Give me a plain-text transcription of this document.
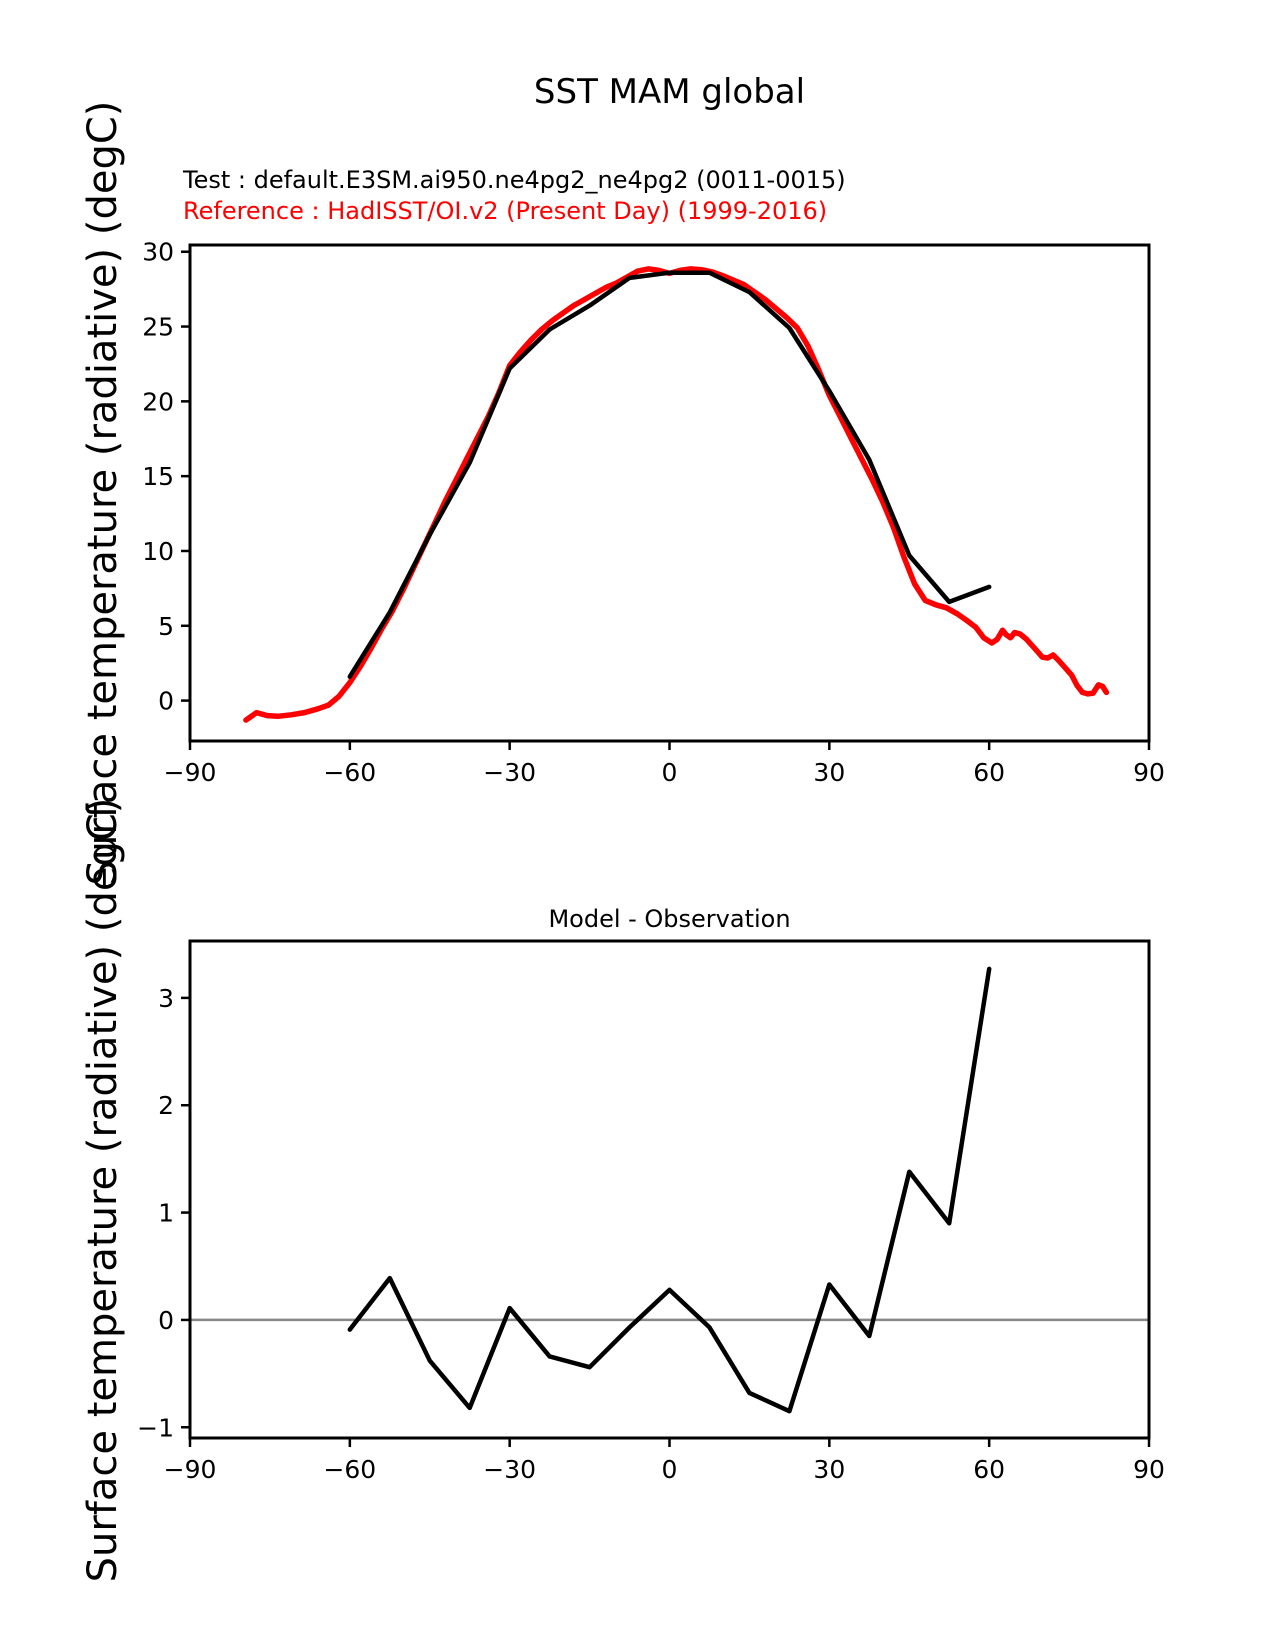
SST MAM global
Test : default.E3SM.ai950.ne4pg2_ne4pg2 (0011-0015)
Reference : HadISST/OI.v2 (Present Day) (1999-2016)
Surface temperature (radiative) (degC)
Surface temperature (radiative) (degC)	Model - Observation
−90	−60	−30	0	30	60	90
0
5
10
15
20
25
30
−90	−60	−30	0	30	60	90
−1
0
1
2
3
